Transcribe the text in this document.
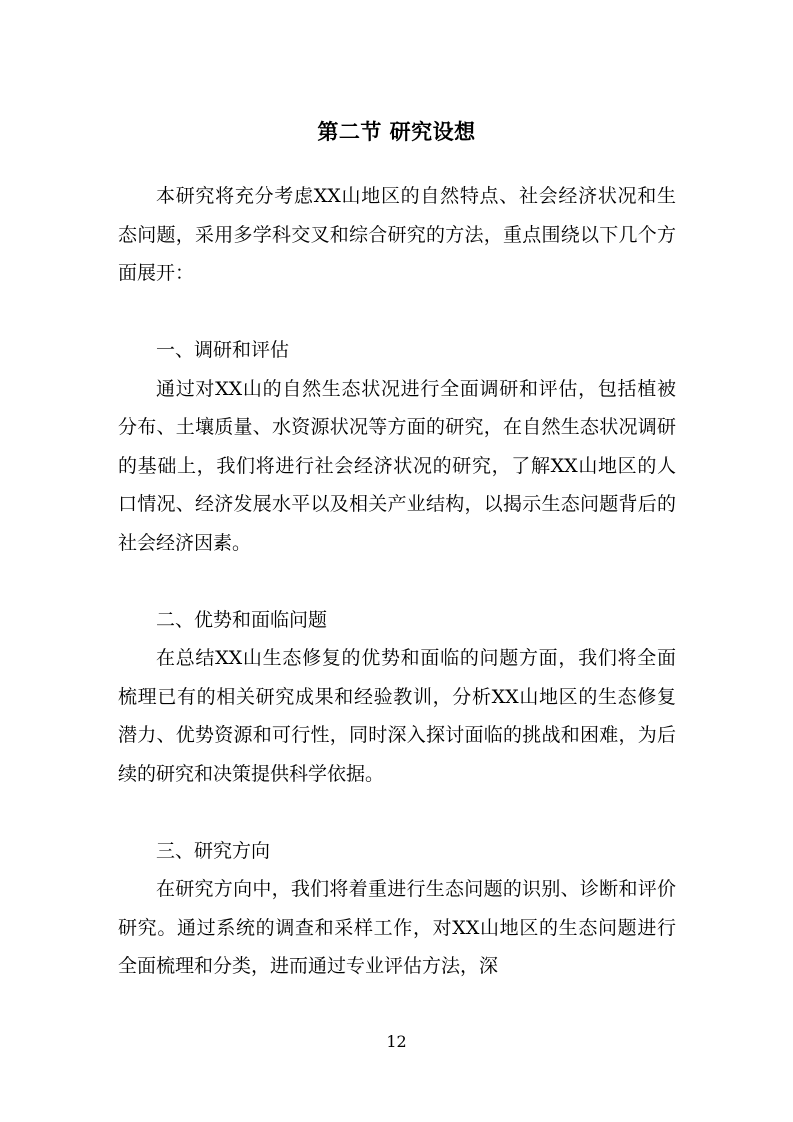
第二节 研究设想

本研究将充分考虑XX山地区的自然特点、社会经济状况和生态问题，采用多学科交叉和综合研究的方法，重点围绕以下几个方面展开：

一、调研和评估

通过对XX山的自然生态状况进行全面调研和评估，包括植被分布、土壤质量、水资源状况等方面的研究，在自然生态状况调研的基础上，我们将进行社会经济状况的研究，了解XX山地区的人口情况、经济发展水平以及相关产业结构，以揭示生态问题背后的社会经济因素。

二、优势和面临问题

在总结XX山生态修复的优势和面临的问题方面，我们将全面梳理已有的相关研究成果和经验教训，分析XX山地区的生态修复潜力、优势资源和可行性，同时深入探讨面临的挑战和困难，为后续的研究和决策提供科学依据。

三、研究方向

在研究方向中，我们将着重进行生态问题的识别、诊断和评价研究。通过系统的调查和采样工作，对XX山地区的生态问题进行全面梳理和分类，进而通过专业评估方法，深

12
